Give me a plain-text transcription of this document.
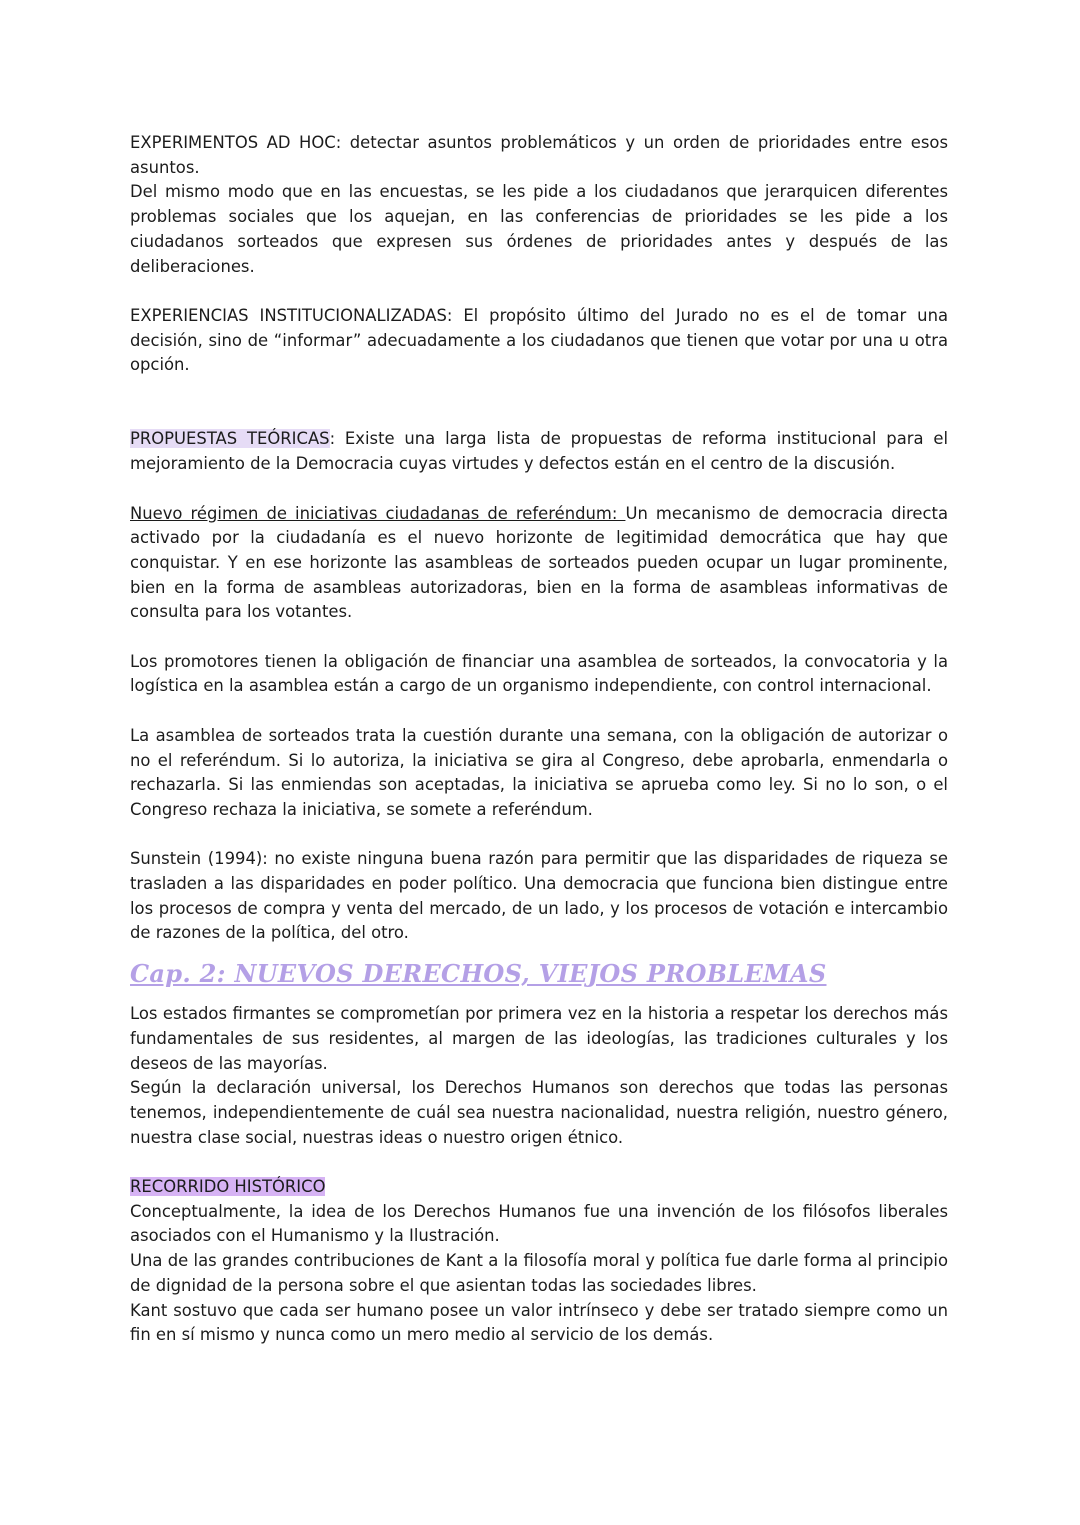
EXPERIMENTOS AD HOC: detectar asuntos problemáticos y un orden de prioridades entre esos asuntos.

Del mismo modo que en las encuestas, se les pide a los ciudadanos que jerarquicen diferentes problemas sociales que los aquejan, en las conferencias de prioridades se les pide a los ciudadanos sorteados que expresen sus órdenes de prioridades antes y después de las deliberaciones.

EXPERIENCIAS INSTITUCIONALIZADAS: El propósito último del Jurado no es el de tomar una decisión, sino de “informar” adecuadamente a los ciudadanos que tienen que votar por una u otra opción.

PROPUESTAS TEÓRICAS: Existe una larga lista de propuestas de reforma institucional para el mejoramiento de la Democracia cuyas virtudes y defectos están en el centro de la discusión.

Nuevo régimen de iniciativas ciudadanas de referéndum: Un mecanismo de democracia directa activado por la ciudadanía es el nuevo horizonte de legitimidad democrática que hay que conquistar. Y en ese horizonte las asambleas de sorteados pueden ocupar un lugar prominente, bien en la forma de asambleas autorizadoras, bien en la forma de asambleas informativas de consulta para los votantes.

Los promotores tienen la obligación de financiar una asamblea de sorteados, la convocatoria y la logística en la asamblea están a cargo de un organismo independiente, con control internacional.

La asamblea de sorteados trata la cuestión durante una semana, con la obligación de autorizar o no el referéndum. Si lo autoriza, la iniciativa se gira al Congreso, debe aprobarla, enmendarla o rechazarla. Si las enmiendas son aceptadas, la iniciativa se aprueba como ley. Si no lo son, o el Congreso rechaza la iniciativa, se somete a referéndum.

Sunstein (1994): no existe ninguna buena razón para permitir que las disparidades de riqueza se trasladen a las disparidades en poder político. Una democracia que funciona bien distingue entre los procesos de compra y venta del mercado, de un lado, y los procesos de votación e intercambio de razones de la política, del otro.

Cap. 2: NUEVOS DERECHOS, VIEJOS PROBLEMAS

Los estados firmantes se comprometían por primera vez en la historia a respetar los derechos más fundamentales de sus residentes, al margen de las ideologías, las tradiciones culturales y los deseos de las mayorías.

Según la declaración universal, los Derechos Humanos son derechos que todas las personas tenemos, independientemente de cuál sea nuestra nacionalidad, nuestra religión, nuestro género, nuestra clase social, nuestras ideas o nuestro origen étnico.

RECORRIDO HISTÓRICO

Conceptualmente, la idea de los Derechos Humanos fue una invención de los filósofos liberales asociados con el Humanismo y la Ilustración.

Una de las grandes contribuciones de Kant a la filosofía moral y política fue darle forma al principio de dignidad de la persona sobre el que asientan todas las sociedades libres.

Kant sostuvo que cada ser humano posee un valor intrínseco y debe ser tratado siempre como un fin en sí mismo y nunca como un mero medio al servicio de los demás.
